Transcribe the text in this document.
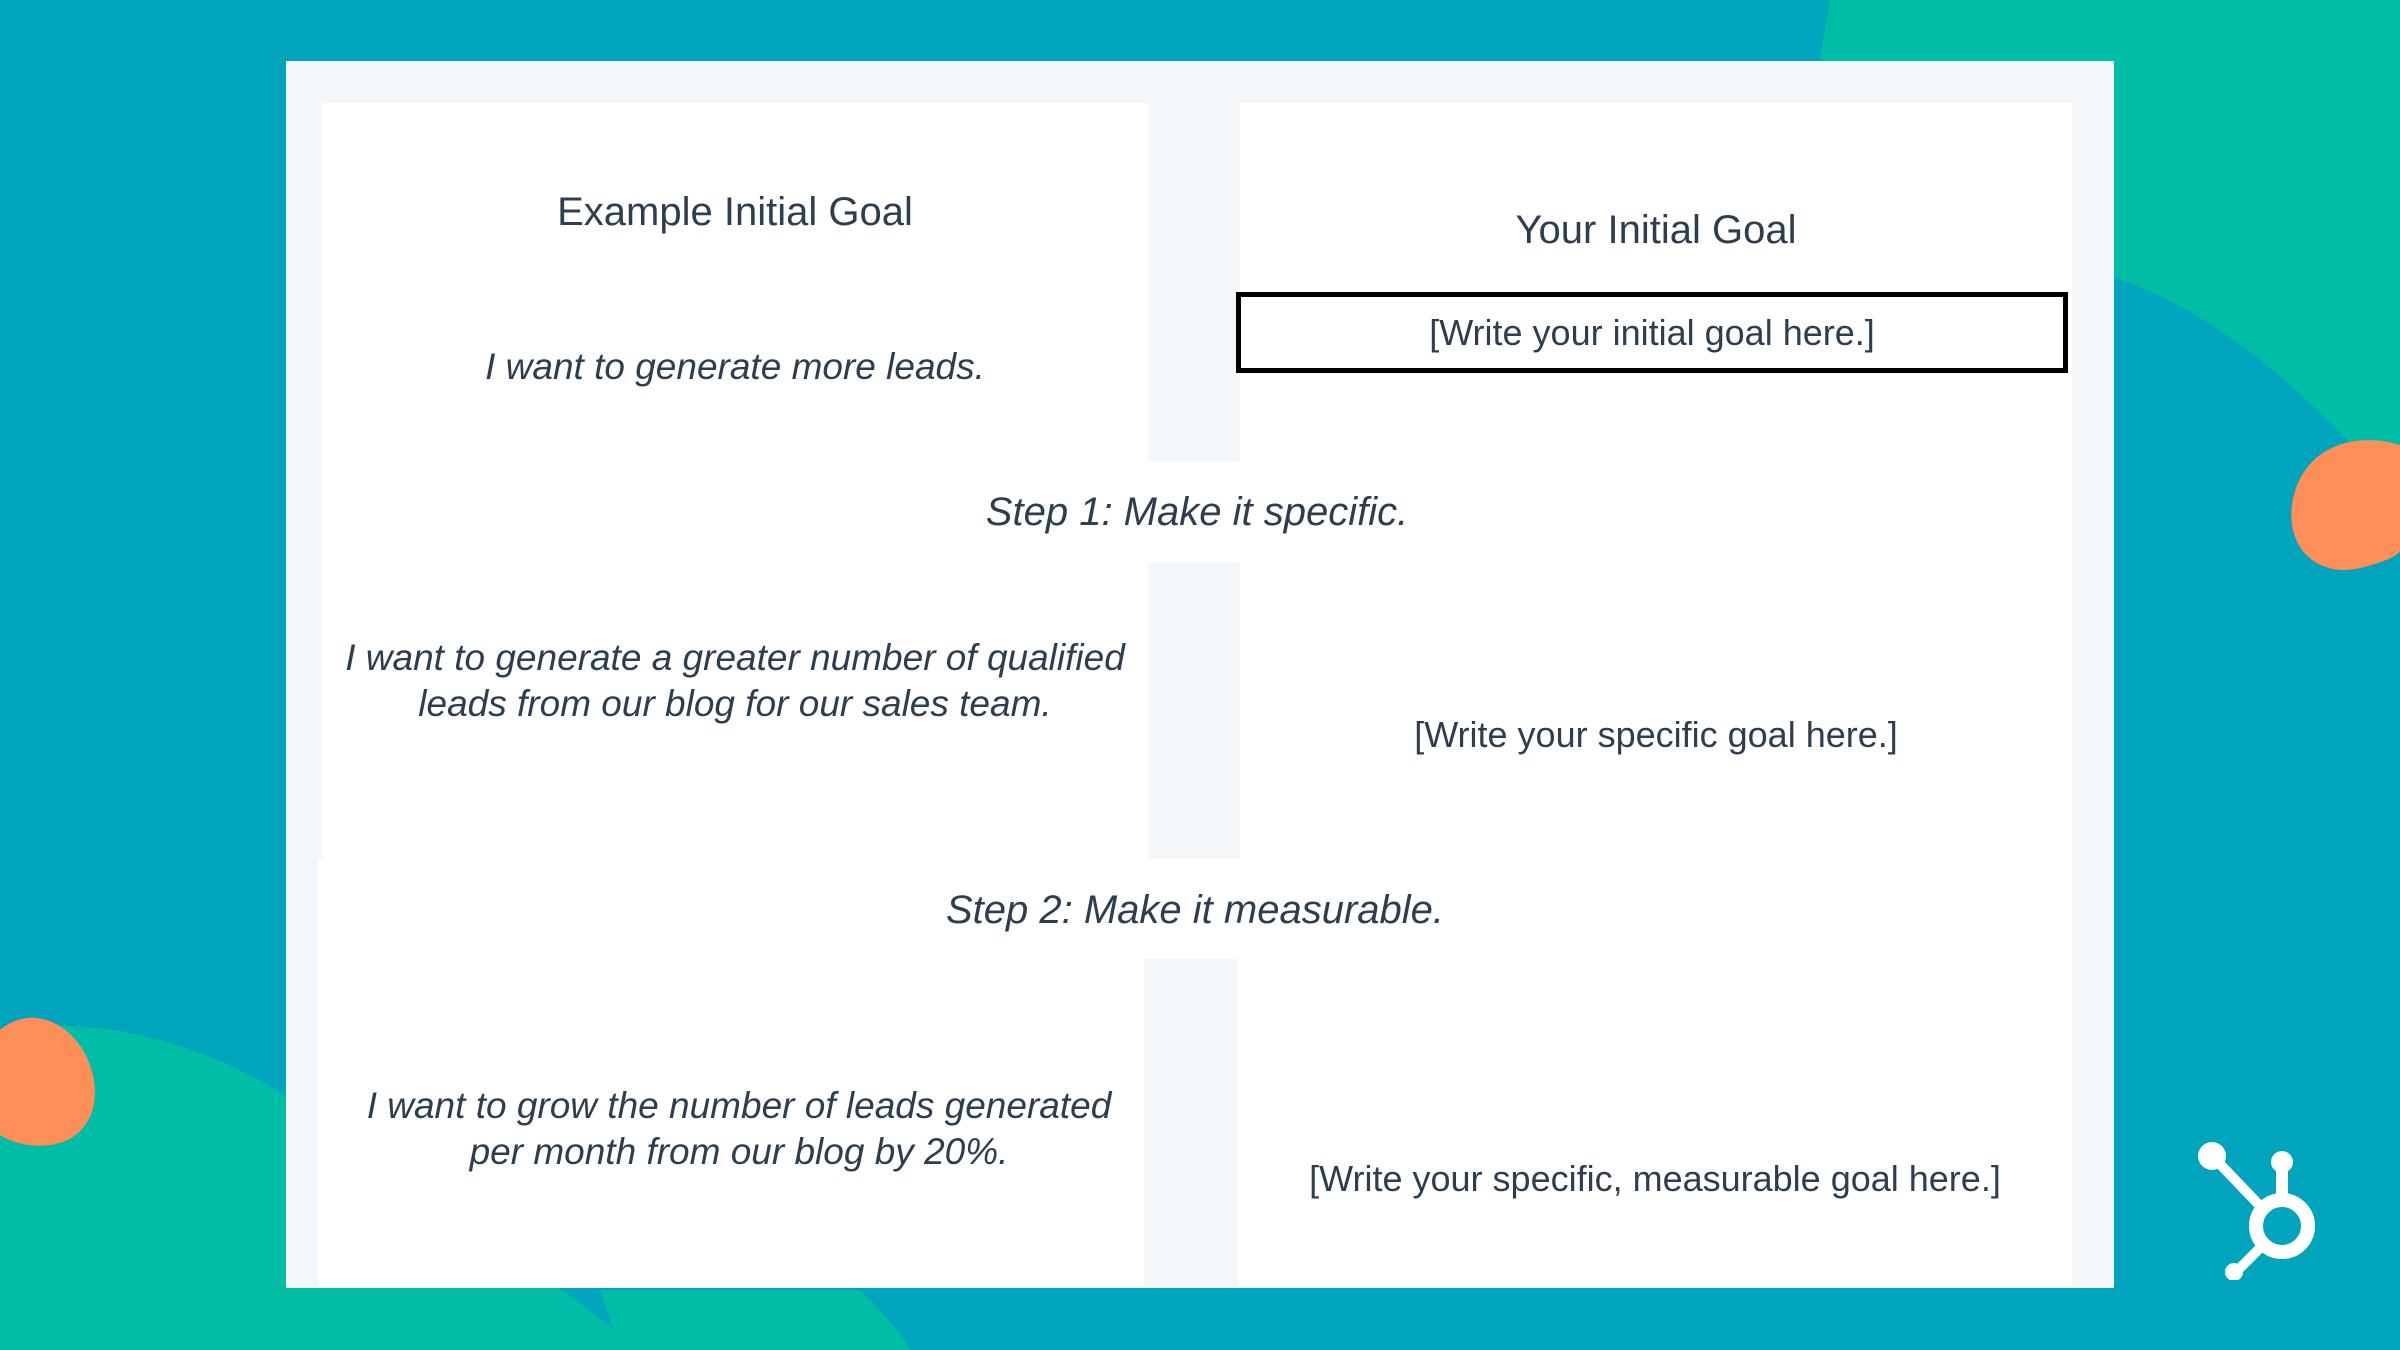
Example Initial Goal	Your Initial Goal
I want to generate more leads.
[Write your initial goal here.]
Step 1: Make it specific.
I want to generate a greater number of qualified leads from our blog for our sales team.
[Write your specific goal here.]
Step 2: Make it measurable.
I want to grow the number of leads generated per month from our blog by 20%.
[Write your specific, measurable goal here.]
